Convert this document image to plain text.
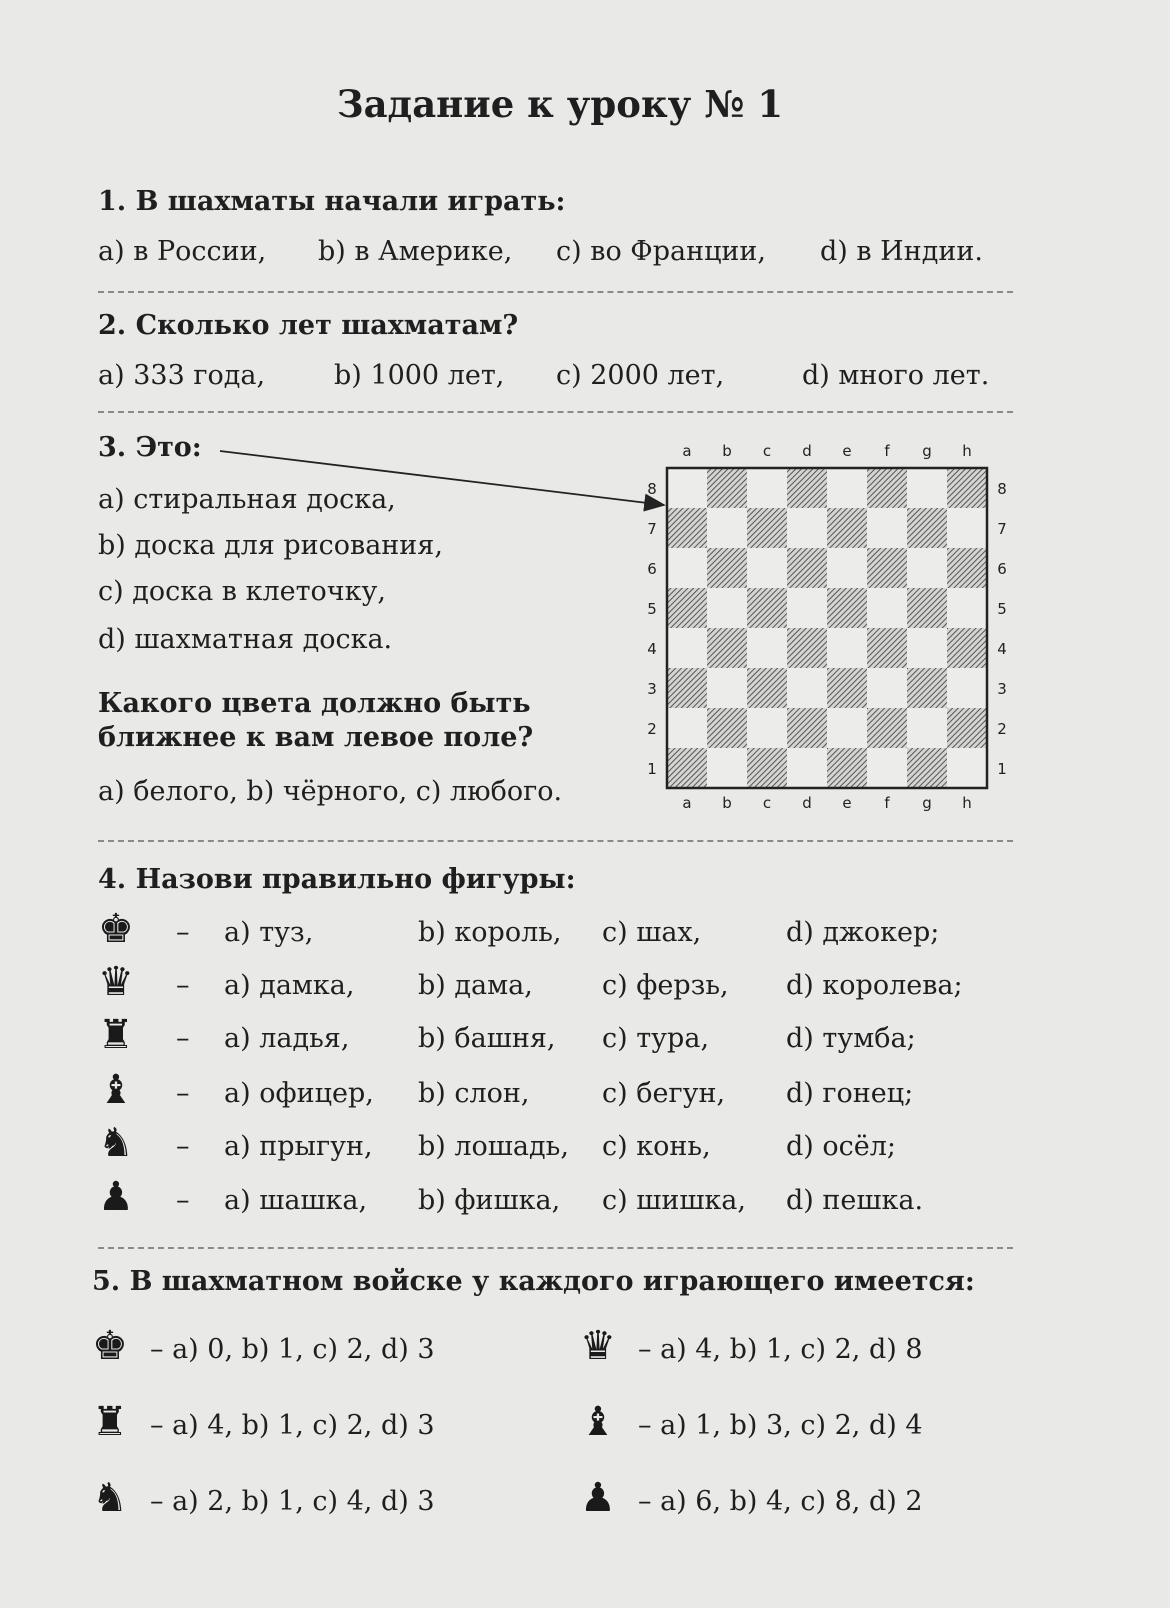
Задание к уроку № 1
1. В шахматы начали играть:
а) в России, b) в Америке, c) во Франции, d) в Индии.
2. Сколько лет шахматам?
а) 333 года,	b) 1000 лет, c) 2000 лет,	d) много лет.
3. Это:
а) стиральная доска,
b) доска для рисования,
c) доска в клеточку,
d) шахматная доска.
Какого цвета должно быть
ближнее к вам левое поле?
а) белого, b) чёрного, c) любого.
a b c d e f g h
a b c d e f g h
8
7
6
5
4
3
2
1
8
7
6
5
4
3
2
1
4. Назови правильно фигуры:
♚ – а) туз,	b) король, c) шах,	d) джокер;
♛ – а) дамка, b) дама,	c) ферзь, d) королева;
♜ – а) ладья,	b) башня, c) тура,	d) тумба;
♝ – а) офицер, b) слон,	c) бегун, d) гонец;
♞ – а) прыгун, b) лошадь, c) конь,	d) осёл;
♟ – а) шашка, b) фишка, c) шишка, d) пешка.
5. В шахматном войске у каждого играющего имеется:
♚ – а) 0, b) 1, c) 2, d) 3	♛ – а) 4, b) 1, c) 2, d) 8
♜ – а) 4, b) 1, c) 2, d) 3	♝ – а) 1, b) 3, c) 2, d) 4
♞ – а) 2, b) 1, c) 4, d) 3	♟ – а) 6, b) 4, c) 8, d) 2
